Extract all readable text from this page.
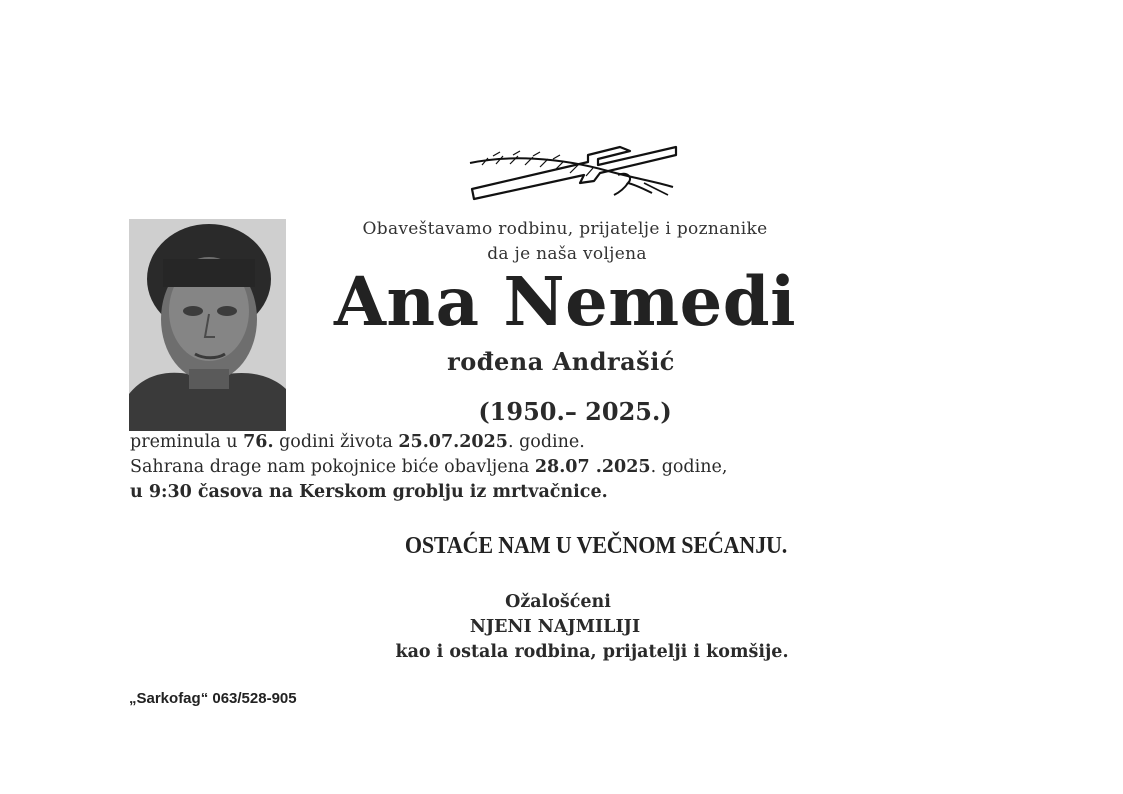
Obaveštavamo rodbinu, prijatelje i poznanike
da je naša voljena
Ana Nemedi
rođena Andrašić
(1950.– 2025.)
preminula u 76. godini života 25.07.2025. godine.
Sahrana drage nam pokojnice biće obavljena 28.07 .2025. godine,
u 9:30 časova na Kerskom groblju iz mrtvačnice.
OSTAĆE NAM U VEČNOM SEĆANJU.
Ožalošćeni
NJENI NAJMILIJI
kao i ostala rodbina, prijatelji i komšije.
„Sarkofag“ 063/528-905
